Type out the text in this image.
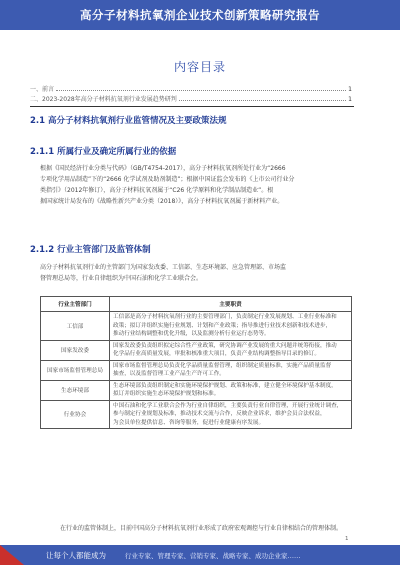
高分子材料抗氧剂企业技术创新策略研究报告
内容目录
一、前言	1
二、2023-2028年高分子材料抗氧剂行业发展趋势研判	1
2.1 高分子材料抗氧剂行业监管情况及主要政策法规
2.1.1 所属行业及确定所属行业的依据
根据《国民经济行业分类与代码》（GB/T4754-2017），高分子材料抗氧剂所处行业为“2666
专项化学用品制造”下的“2666 化学试剂及助剂制造”；根据中国证监会发布的《上市公司行业分
类指引》（2012年修订），高分子材料抗氧剂属于“C26 化学原料和化学制品制造业”。根
据国家统计局发布的《战略性新兴产业分类（2018）》，高分子材料抗氧剂属于新材料产业。
2.1.2 行业主管部门及监管体制
高分子材料抗氧剂行业的主管部门为国家发改委、工信部、生态环境部、应急管理部、市场监
督管理总局等，行业自律组织为中国石油和化学工业联合会。
行业主管部门	主要职责
工信部	工信部是高分子材料抗氧剂行业的主要管理部门，负责制定行业发展规划、工业行业标准和
政策；拟订并组织实施行业规划、计划和产业政策；指导推进行业技术创新和技术进步，
推动行业结构调整和优化升级，以及监测分析行业运行态势等。

国家发改委	国家发改委负责组织拟定综合性产业政策，研究协调产业发展的重大问题并统筹衔接，推动
化学品行业高质量发展，审批和核准重大项目，负责产业结构调整指导目录的修订。

国家市场监督管理总局	国家市场监督管理总局负责化学品质量监督管理，组织制定质量标准，实施产品质量监督
抽查，以及监督管理工业产品生产许可工作。

生态环境部	生态环境部负责组织制定和实施环境保护规划、政策和标准，建立健全环境保护基本制度，
拟订并组织实施生态环境保护规划和标准。

行业协会	中国石油和化学工业联合会作为行业自律组织，主要负责行业自律管理，开展行业统计调查，
参与制定行业规划及标准，推动技术交流与合作，反映企业诉求，维护会员合法权益，
为会员单位提供信息、咨询等服务，促进行业健康有序发展。
在行业的监管体制上，目前中国高分子材料抗氧剂行业形成了政府宏观调控与行业自律相结合的管理体制。
1
让每个人都能成为	行业专家、管理专家、营销专家、战略专家、成功企业家……
